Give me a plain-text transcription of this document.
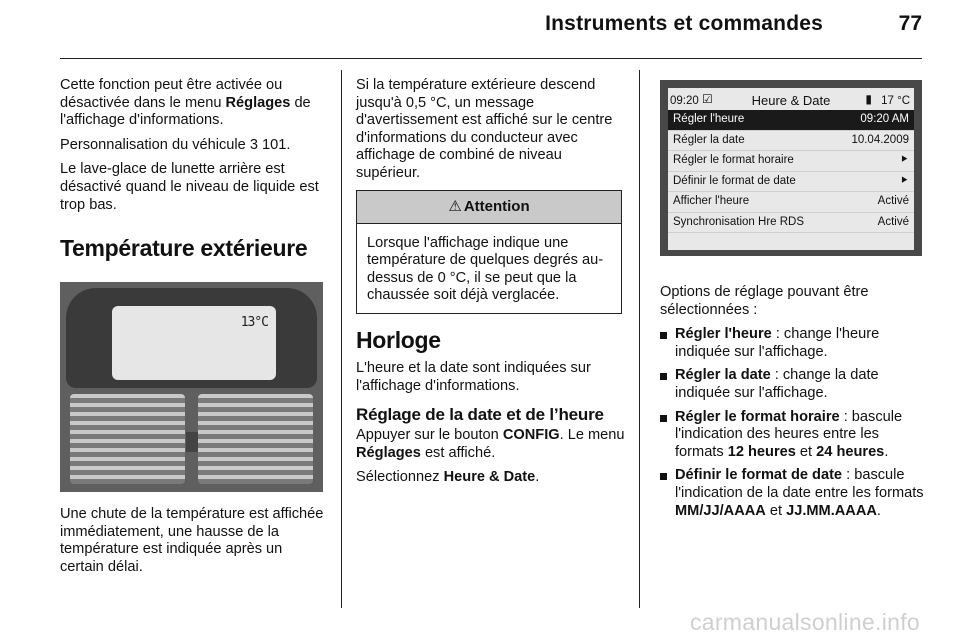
Instruments et commandes	77

Cette fonction peut être activée ou désactivée dans le menu Réglages de l'affichage d'informations.

Personnalisation du véhicule 3 101.

Le lave-glace de lunette arrière est désactivé quand le niveau de liquide est trop bas.

Température extérieure
13°C

Une chute de la température est affichée immédiatement, une hausse de la température est indiquée après un certain délai.

Si la température extérieure descend jusqu'à 0,5 °C, un message d'avertissement est affiché sur le centre d'informations du conducteur avec affichage de combiné de niveau supérieur.

⚠ Attention
Lorsque l'affichage indique une température de quelques degrés au-dessus de 0 °C, il se peut que la chaussée soit déjà verglacée.
Horloge

L'heure et la date sont indiquées sur l'affichage d'informations.

Réglage de la date et de l’heure

Appuyer sur le bouton CONFIG. Le menu Réglages est affiché.

Sélectionnez Heure & Date.

09:20 ☑	Heure & Date	▮ 17 °C
Régler l'heure	09:20 AM
Régler la date	10.04.2009
Régler le format horaire	⯈
Définir le format de date	⯈
Afficher l'heure	Activé
Synchronisation Hre RDS	Activé

Options de réglage pouvant être sélectionnées :

Régler l'heure : change l'heure indiquée sur l'affichage.
Régler la date : change la date indiquée sur l'affichage.
Régler le format horaire : bascule l'indication des heures entre les formats 12 heures et 24 heures.
Définir le format de date : bascule l'indication de la date entre les formats MM/JJ/AAAA et JJ.MM.AAAA.
carmanualsonline.info
